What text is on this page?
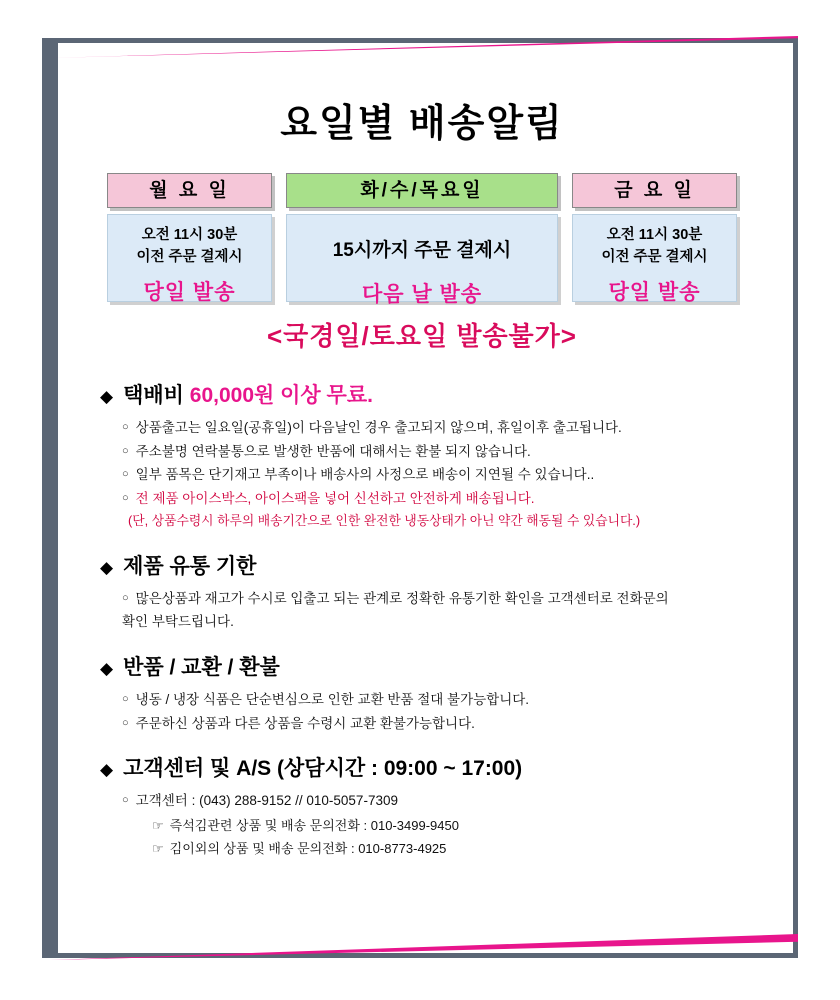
요일별 배송알림
월 요 일
오전 11시 30분
이전 주문 결제시
당일 발송
화/수/목요일
15시까지 주문 결제시
다음 날 발송
금 요 일
오전 11시 30분
이전 주문 결제시
당일 발송
<국경일/토요일 발송불가>
◆ 택배비 60,000원 이상 무료.
○ 상품출고는 일요일(공휴일)이 다음날인 경우 출고되지 않으며, 휴일이후 출고됩니다.
○ 주소불명 연락불통으로 발생한 반품에 대해서는 환불 되지 않습니다.
○ 일부 품목은 단기재고 부족이나 배송사의 사정으로 배송이 지연될 수 있습니다..
○ 전 제품 아이스박스, 아이스팩을 넣어 신선하고 안전하게 배송됩니다.
(단, 상품수령시 하루의 배송기간으로 인한 완전한 냉동상태가 아닌 약간 해동될 수 있습니다.)
◆ 제품 유통 기한
○ 많은상품과 재고가 수시로 입출고 되는 관계로 정확한 유통기한 확인을 고객센터로 전화문의
확인 부탁드립니다.
◆ 반품 / 교환 / 환불
○ 냉동 / 냉장 식품은 단순변심으로 인한 교환 반품 절대 불가능합니다.
○ 주문하신 상품과 다른 상품을 수령시 교환 환불가능합니다.
◆ 고객센터 및 A/S (상담시간 : 09:00 ~ 17:00)
○ 고객센터 : (043) 288-9152 // 010-5057-7309
☞ 즉석김관련 상품 및 배송 문의전화 : 010-3499-9450
☞ 김이외의 상품 및 배송 문의전화 : 010-8773-4925
